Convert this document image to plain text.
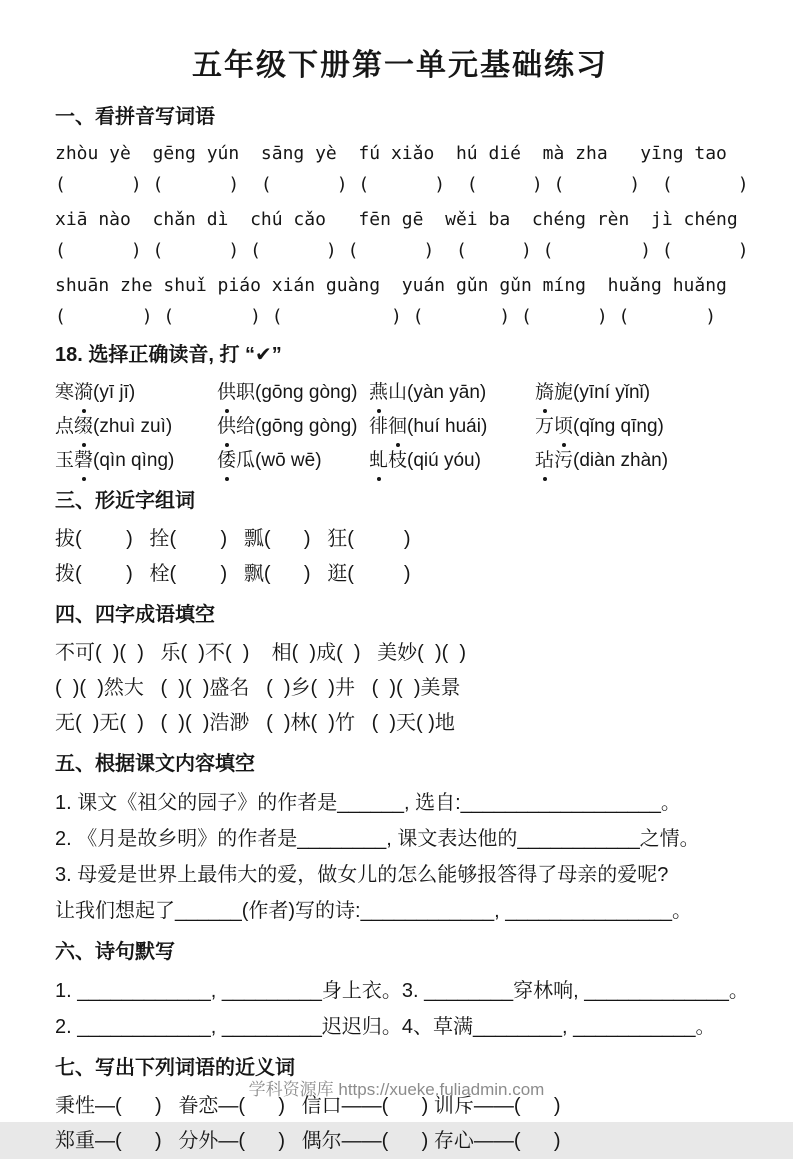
五年级下册第一单元基础练习
一、看拼音写词语
zhòu yè  gēng yún  sāng yè  fú xiǎo  hú dié  mà zha   yīng tao
(      ) (      )  (      ) (      )  (     ) (      )  (      )
xiā nào  chǎn dì  chú cǎo   fēn gē  wěi ba  chéng rèn  jì chéng
(      ) (      ) (      ) (      )  (     ) (        ) (      )
shuān zhe shuǐ piáo xián guàng  yuán gǔn gǔn míng  huǎng huǎng
(       ) (       ) (          ) (       ) (      ) (       )
18. 选择正确读音, 打 “✔”
寒漪(yī jī)	供职(gōng gòng) 燕山(yàn yān)	旖旎(yīní yǐnǐ)
点缀(zhuì zuì)	供给(gōng gòng) 徘徊(huí huái)	万顷(qǐng qīng)
玉磬(qìn qìng)	倭瓜(wō wē)	虬枝(qiú yóu)	玷污(diàn zhàn)
三、形近字组词
拔(        )   拴(        )   瓢(      )   狂(         )
拨(        )   栓(        )   飘(      )   逛(         )
四、四字成语填空
不可(  )(  )   乐(  )不(  )    相(  )成(  )   美妙(  )(  )
(  )(  )然大   (  )(  )盛名   (  )乡(  )井   (  )(  )美景
无(  )无(  )   (  )(  )浩渺   (  )林(  )竹   (  )天( )地
五、根据课文内容填空
1. 课文《祖父的园子》的作者是______, 选自:__________________。
2. 《月是故乡明》的作者是________, 课文表达他的___________之情。
3. 母爱是世界上最伟大的爱，做女儿的怎么能够报答得了母亲的爱呢?
让我们想起了______(作者)写的诗:____________, _______________。
六、诗句默写
1. ____________, _________身上衣。3. ________穿林响, _____________。
2. ____________, _________迟迟归。4、草满________, ___________。
七、写出下列词语的近义词
秉性—(      )   眷恋—(      )   信口——(      ) 训斥——(      )
郑重—(      )   分外—(      )   偶尔——(      ) 存心——(      )
学科资源库 https://xueke.fuliadmin.com
